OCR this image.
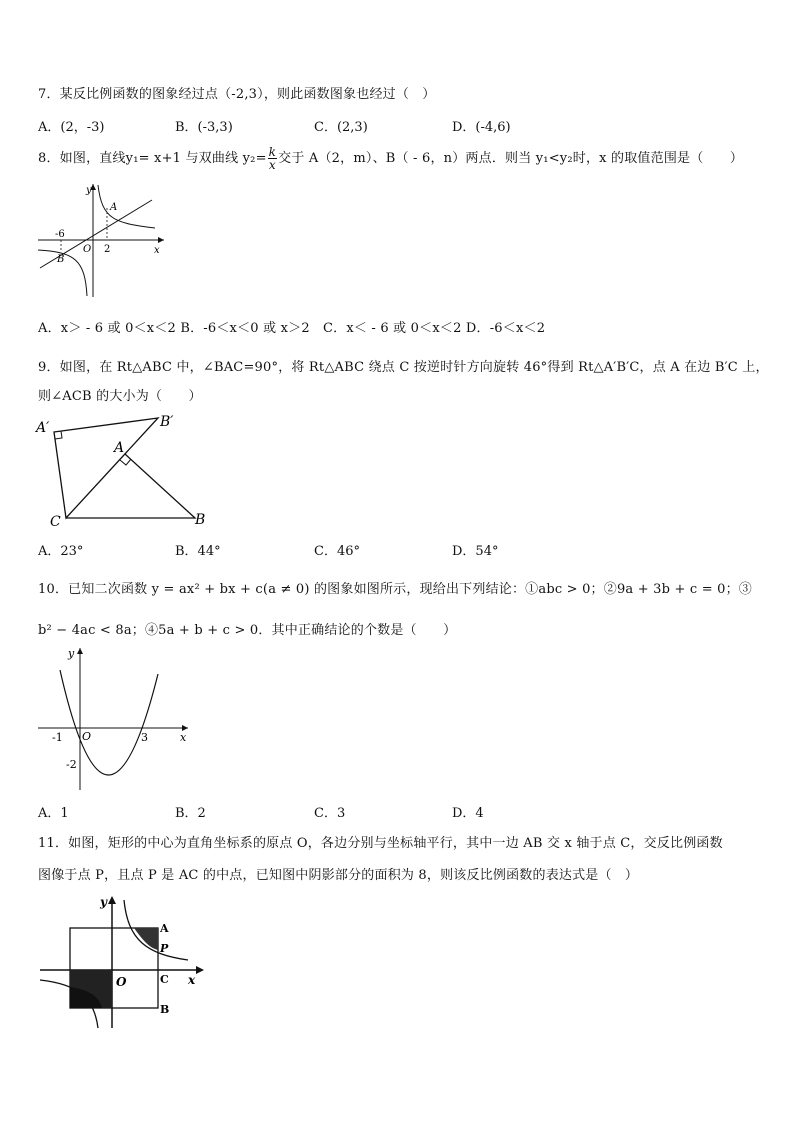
7．某反比例函数的图象经过点（-2,3），则此函数图象也经过（　）
A．(2，-3)	B．(-3,3)	C．(2,3)	D．(-4,6)
8．如图，直线y₁= x+1 与双曲线 $y_2= \frac{k}{x}$ 交于 A（2，m）、B（ - 6，n）两点．则当 y₁<y₂时，x 的取值范围是（　　）
y
x
O
A
B
-6
2
A．x＞ - 6 或 0＜x＜2 B．-6＜x＜0 或 x＞2　C．x＜ - 6 或 0＜x＜2 D．-6＜x＜2
9．如图，在 Rt△ABC 中，∠BAC=90°，将 Rt△ABC 绕点 C 按逆时针方向旋转 46°得到 Rt△A′B′C，点 A 在边 B′C 上，
则∠ACB 的大小为（　　）
A′	B′
A
C	B
A．23°	B．44°	C．46°	D．54°
10．已知二次函数 y = ax² + bx + c(a ≠ 0) 的图象如图所示，现给出下列结论：①abc > 0；②9a + 3b + c = 0；③
b² − 4ac < 8a；④5a + b + c > 0．其中正确结论的个数是（　　）
y
x
O
-1	3
-2
A．1	B．2	C．3	D．4
11．如图，矩形的中心为直角坐标系的原点 O，各边分别与坐标轴平行，其中一边 AB 交 x 轴于点 C，交反比例函数
图像于点 P，且点 P 是 AC 的中点，已知图中阴影部分的面积为 8，则该反比例函数的表达式是（　）
y
x
O
A
P
C
B
